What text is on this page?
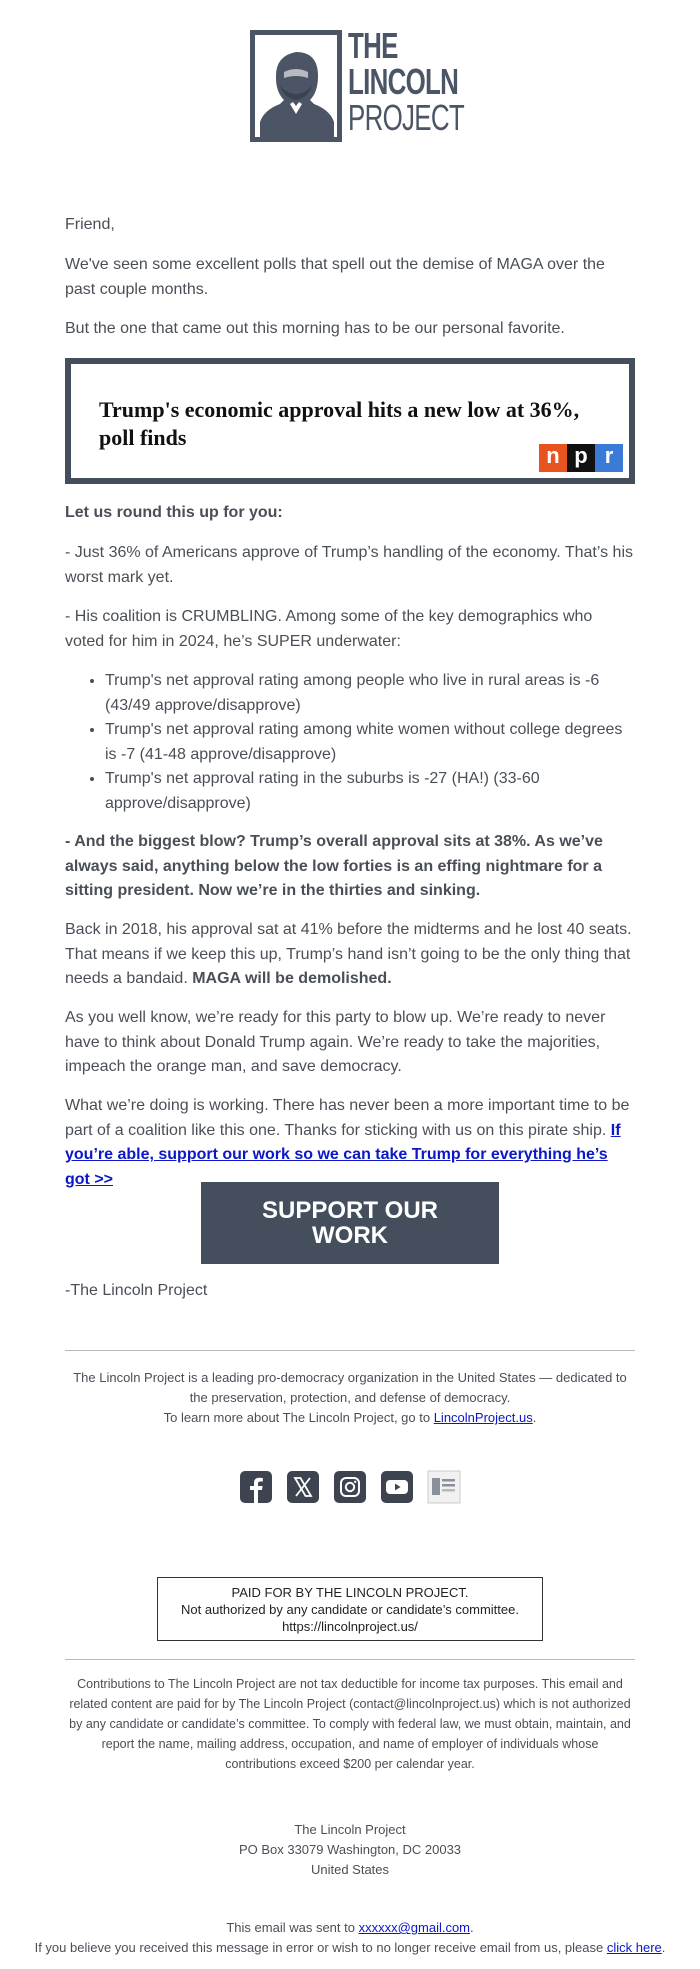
THE
LINCOLN
PROJECT
Friend,
We've seen some excellent polls that spell out the demise of MAGA over the past couple months.
But the one that came out this morning has to be our personal favorite.
Trump's economic approval hits a new low at 36%, poll finds
n p r
Let us round this up for you:
- Just 36% of Americans approve of Trump’s handling of the economy. That’s his worst mark yet.
- His coalition is CRUMBLING. Among some of the key demographics who voted for him in 2024, he’s SUPER underwater:
• Trump's net approval rating among people who live in rural areas is -6 (43/49 approve/disapprove)
• Trump's net approval rating among white women without college degrees is -7 (41-48 approve/disapprove)
• Trump's net approval rating in the suburbs is -27 (HA!) (33-60 approve/disapprove)
- And the biggest blow? Trump’s overall approval sits at 38%. As we’ve always said, anything below the low forties is an effing nightmare for a sitting president. Now we’re in the thirties and sinking.
Back in 2018, his approval sat at 41% before the midterms and he lost 40 seats. That means if we keep this up, Trump’s hand isn’t going to be the only thing that needs a bandaid. MAGA will be demolished.
As you well know, we’re ready for this party to blow up. We’re ready to never have to think about Donald Trump again. We’re ready to take the majorities, impeach the orange man, and save democracy.
What we’re doing is working. There has never been a more important time to be part of a coalition like this one. Thanks for sticking with us on this pirate ship. If you’re able, support our work so we can take Trump for everything he’s got >>
SUPPORT OUR WORK
-The Lincoln Project
The Lincoln Project is a leading pro-democracy organization in the United States — dedicated to the preservation, protection, and defense of democracy.
To learn more about The Lincoln Project, go to LincolnProject.us.
PAID FOR BY THE LINCOLN PROJECT.
Not authorized by any candidate or candidate’s committee.
https://lincolnproject.us/
Contributions to The Lincoln Project are not tax deductible for income tax purposes. This email and related content are paid for by The Lincoln Project (contact@lincolnproject.us) which is not authorized by any candidate or candidate’s committee. To comply with federal law, we must obtain, maintain, and report the name, mailing address, occupation, and name of employer of individuals whose contributions exceed $200 per calendar year.
The Lincoln Project
PO Box 33079 Washington, DC 20033
United States
This email was sent to xxxxxx@gmail.com.
If you believe you received this message in error or wish to no longer receive email from us, please click here.
